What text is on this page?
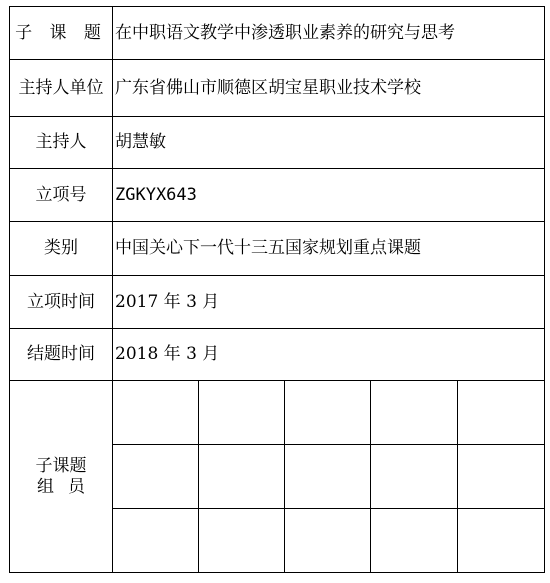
子 课 题	在中职语文教学中渗透职业素养的研究与思考				
主持人单位	广东省佛山市顺德区胡宝星职业技术学校				
主持人	胡慧敏				
立项号	ZGKYX643				
类别	中国关心下一代十三五国家规划重点课题				
立项时间	2017 年 3 月				
结题时间	2018 年 3 月				

子课题
组员					
